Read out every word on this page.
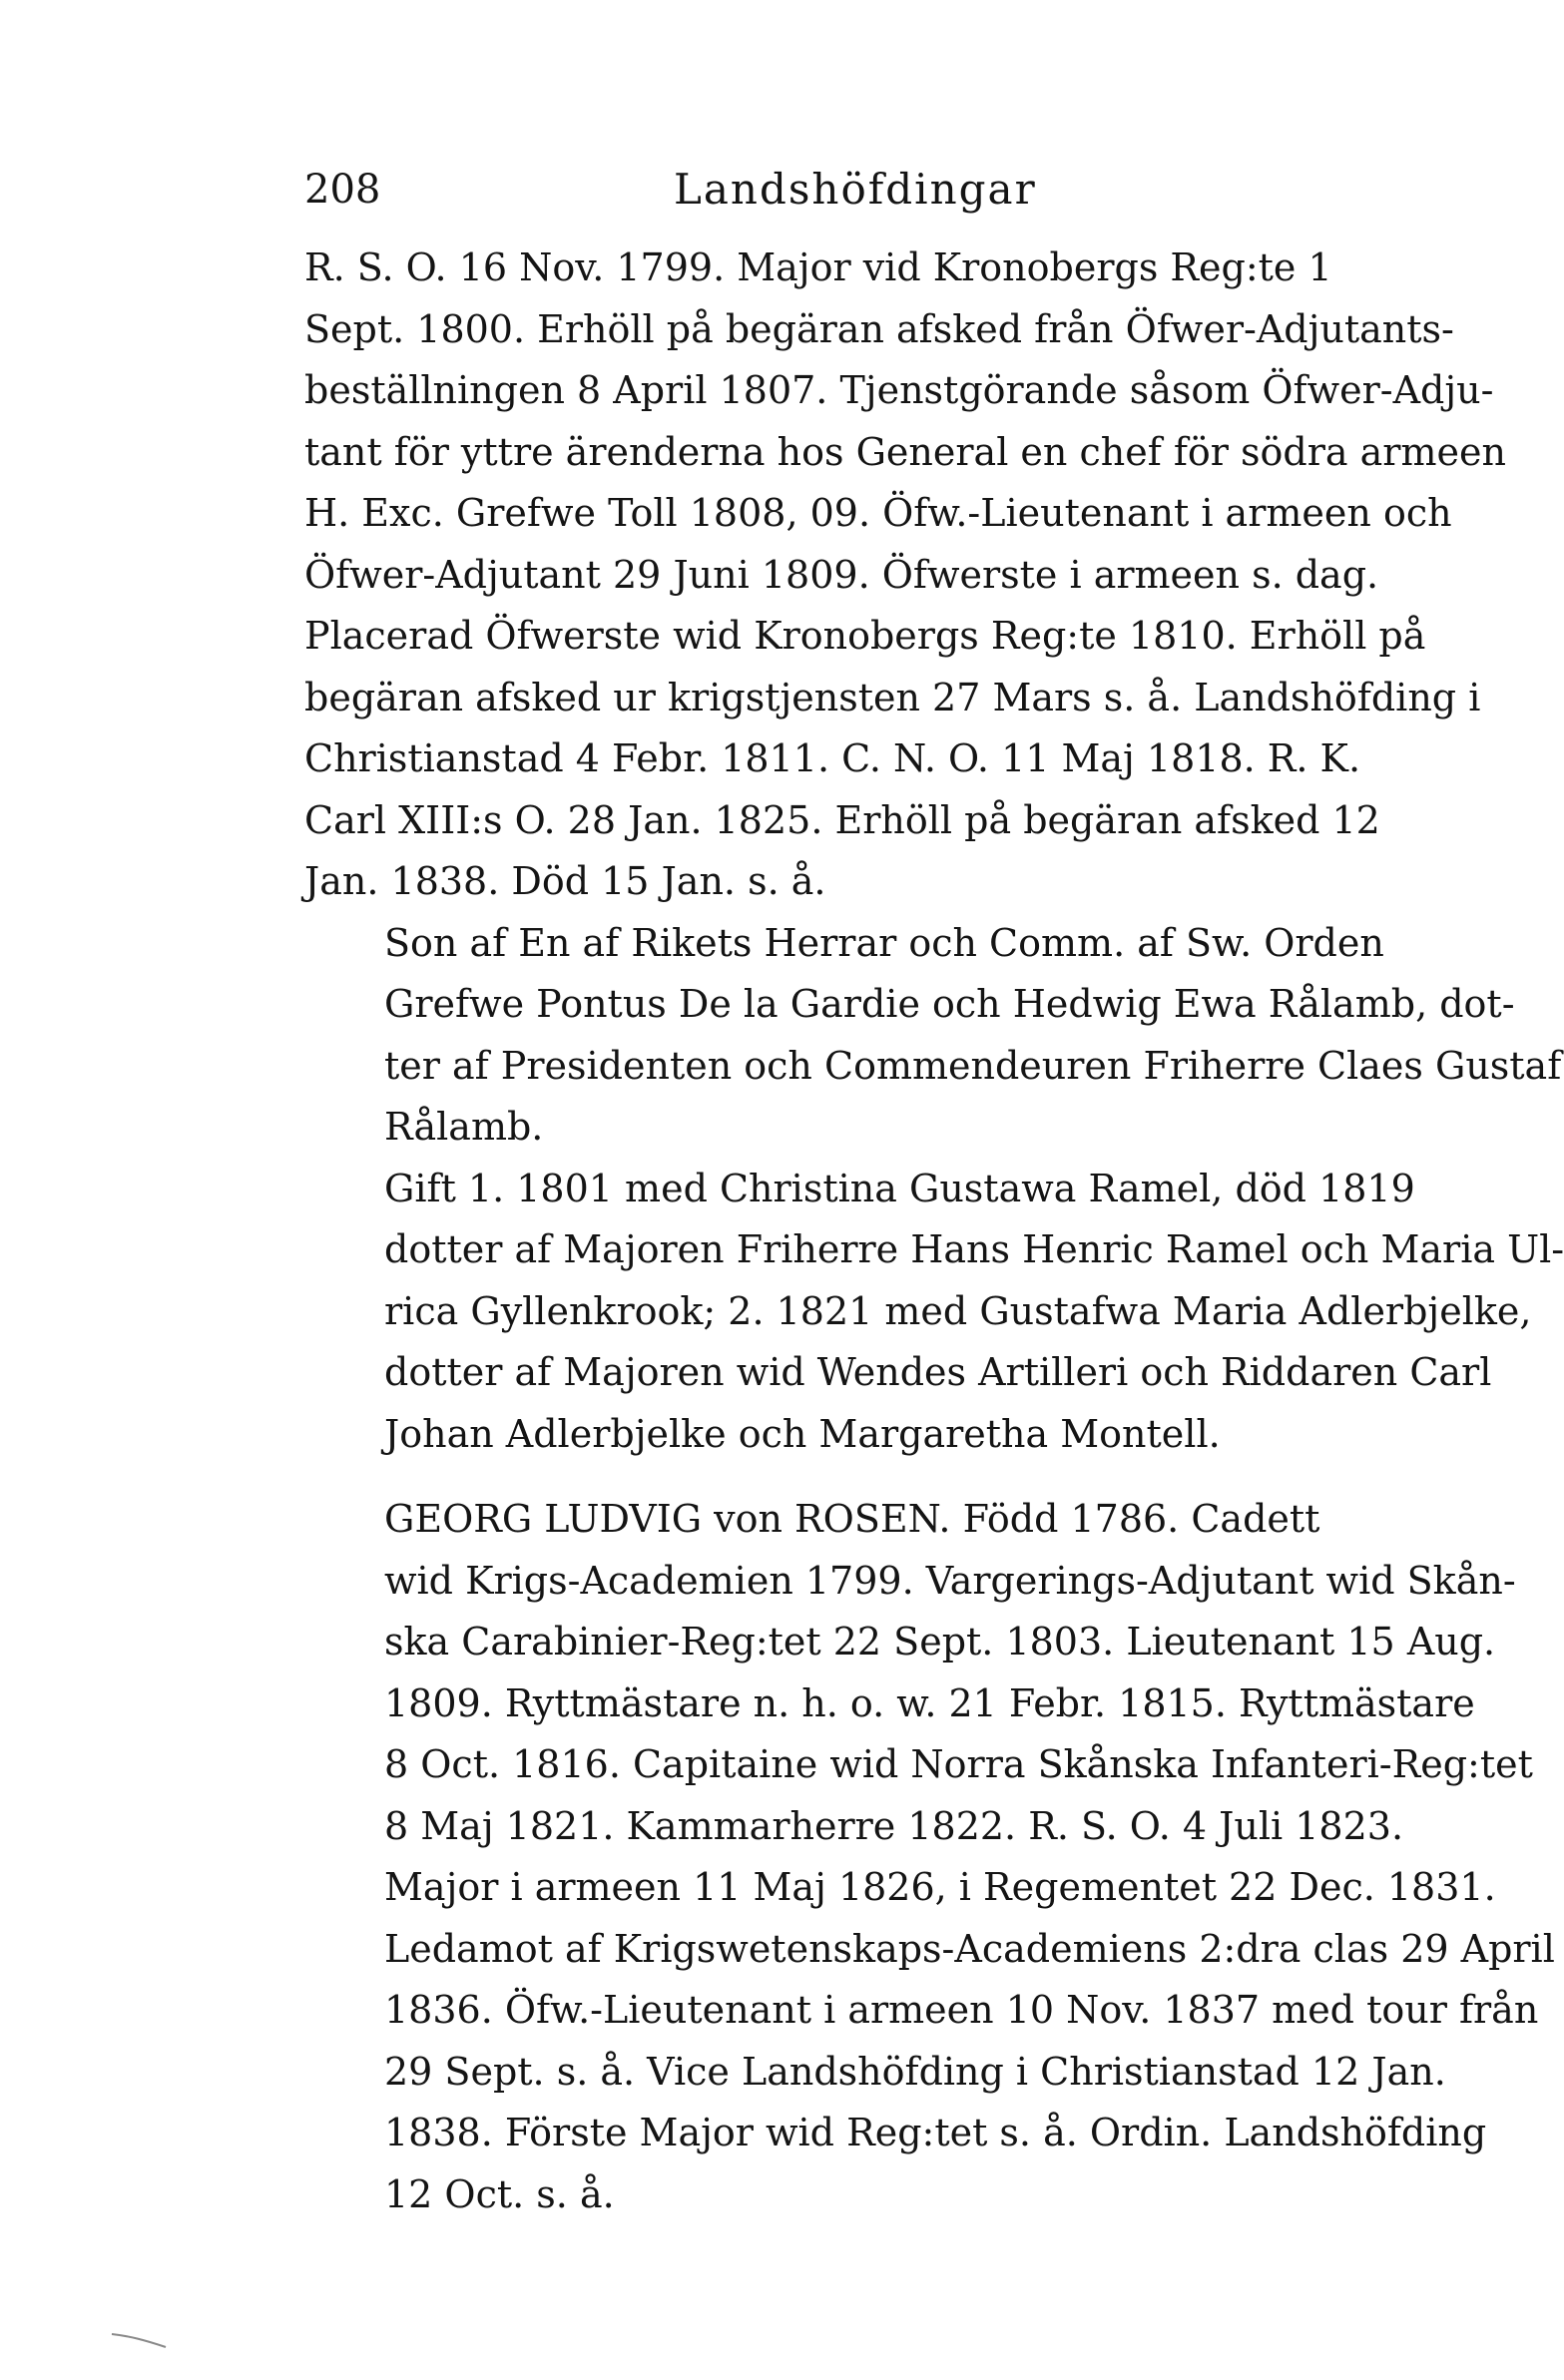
208	Landshöfdingar

R. S. O. 16 Nov. 1799. Major vid Kronobergs Reg:te 1
Sept. 1800. Erhöll på begäran afsked från Öfwer-Adjutants-
beställningen 8 April 1807. Tjenstgörande såsom Öfwer-Adju-
tant för yttre ärenderna hos General en chef för södra armeen
H. Exc. Grefwe Toll 1808, 09. Öfw.-Lieutenant i armeen och
Öfwer-Adjutant 29 Juni 1809. Öfwerste i armeen s. dag.
Placerad Öfwerste wid Kronobergs Reg:te 1810. Erhöll på
begäran afsked ur krigstjensten 27 Mars s. å. Landshöfding i
Christianstad 4 Febr. 1811. C. N. O. 11 Maj 1818. R. K.
Carl XIII:s O. 28 Jan. 1825. Erhöll på begäran afsked 12
Jan. 1838. Död 15 Jan. s. å.

Son af En af Rikets Herrar och Comm. af Sw. Orden
Grefwe Pontus De la Gardie och Hedwig Ewa Rålamb, dot-
ter af Presidenten och Commendeuren Friherre Claes Gustaf
Rålamb.

Gift 1. 1801 med Christina Gustawa Ramel, död 1819
dotter af Majoren Friherre Hans Henric Ramel och Maria Ul-
rica Gyllenkrook; 2. 1821 med Gustafwa Maria Adlerbjelke,
dotter af Majoren wid Wendes Artilleri och Riddaren Carl
Johan Adlerbjelke och Margaretha Montell.

GEORG LUDVIG von ROSEN. Född 1786. Cadett
wid Krigs-Academien 1799. Vargerings-Adjutant wid Skån-
ska Carabinier-Reg:tet 22 Sept. 1803. Lieutenant 15 Aug.
1809. Ryttmästare n. h. o. w. 21 Febr. 1815. Ryttmästare
8 Oct. 1816. Capitaine wid Norra Skånska Infanteri-Reg:tet
8 Maj 1821. Kammarherre 1822. R. S. O. 4 Juli 1823.
Major i armeen 11 Maj 1826, i Regementet 22 Dec. 1831.
Ledamot af Krigswetenskaps-Academiens 2:dra clas 29 April
1836. Öfw.-Lieutenant i armeen 10 Nov. 1837 med tour från
29 Sept. s. å. Vice Landshöfding i Christianstad 12 Jan.
1838. Förste Major wid Reg:tet s. å. Ordin. Landshöfding
12 Oct. s. å.
